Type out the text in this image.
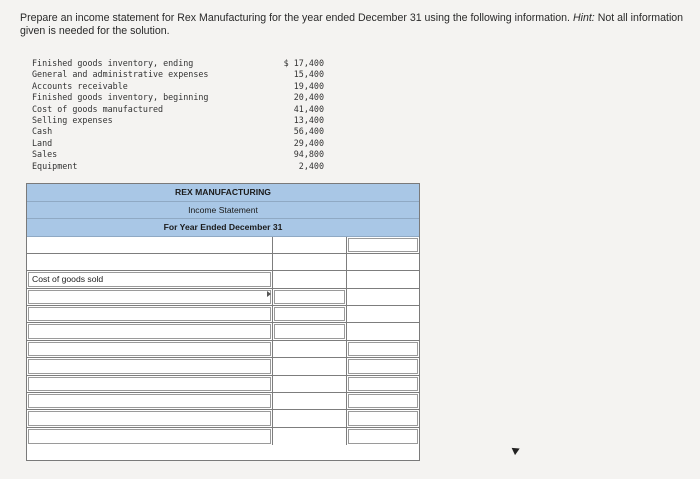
Prepare an income statement for Rex Manufacturing for the year ended December 31 using the following information. Hint: Not all information given is needed for the solution.
Finished goods inventory, ending	$ 17,400
General and administrative expenses	15,400
Accounts receivable	19,400
Finished goods inventory, beginning	20,400
Cost of goods manufactured	41,400
Selling expenses	13,400
Cash	56,400
Land	29,400
Sales	94,800
Equipment	2,400
REX MANUFACTURING
Income Statement
For Year Ended December 31
Cost of goods sold
